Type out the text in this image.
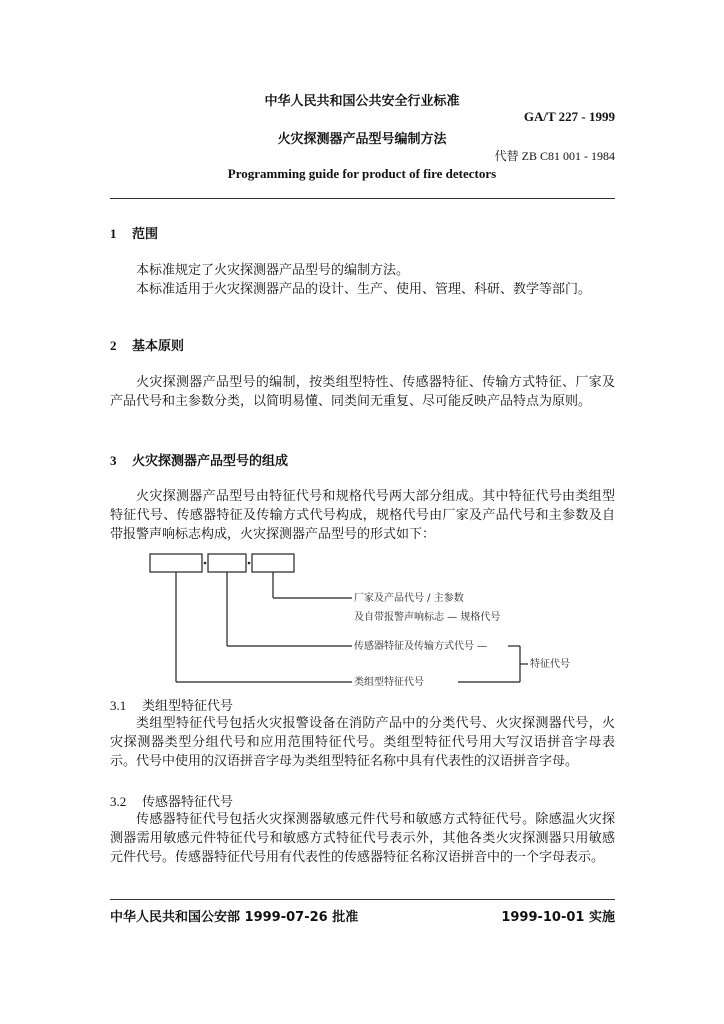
中华人民共和国公共安全行业标准
GA/T 227 - 1999
火灾探测器产品型号编制方法
代替 ZB C81 001 - 1984
Programming guide for product of fire detectors
1 范围

本标准规定了火灾探测器产品型号的编制方法。

本标准适用于火灾探测器产品的设计、生产、使用、管理、科研、教学等部门。

2 基本原则

火灾探测器产品型号的编制，按类组型特性、传感器特征、传输方式特征、厂家及产品代号和主参数分类，以简明易懂、同类间无重复、尽可能反映产品特点为原则。

3 火灾探测器产品型号的组成

火灾探测器产品型号由特征代号和规格代号两大部分组成。其中特征代号由类组型特征代号、传感器特征及传输方式代号构成，规格代号由厂家及产品代号和主参数及自带报警声响标志构成，火灾探测器产品型号的形式如下：

厂家及产品代号 / 主参数
及自带报警声响标志 — 规格代号
传感器特征及传输方式代号 —
特征代号
类组型特征代号
3.1 类组型特征代号

类组型特征代号包括火灾报警设备在消防产品中的分类代号、火灾探测器代号，火灾探测器类型分组代号和应用范围特征代号。类组型特征代号用大写汉语拼音字母表示。代号中使用的汉语拼音字母为类组型特征名称中具有代表性的汉语拼音字母。

3.2 传感器特征代号

传感器特征代号包括火灾探测器敏感元件代号和敏感方式特征代号。除感温火灾探测器需用敏感元件特征代号和敏感方式特征代号表示外，其他各类火灾探测器只用敏感元件代号。传感器特征代号用有代表性的传感器特征名称汉语拼音中的一个字母表示。

中华人民共和国公安部 1999-07-26 批准	1999-10-01 实施
